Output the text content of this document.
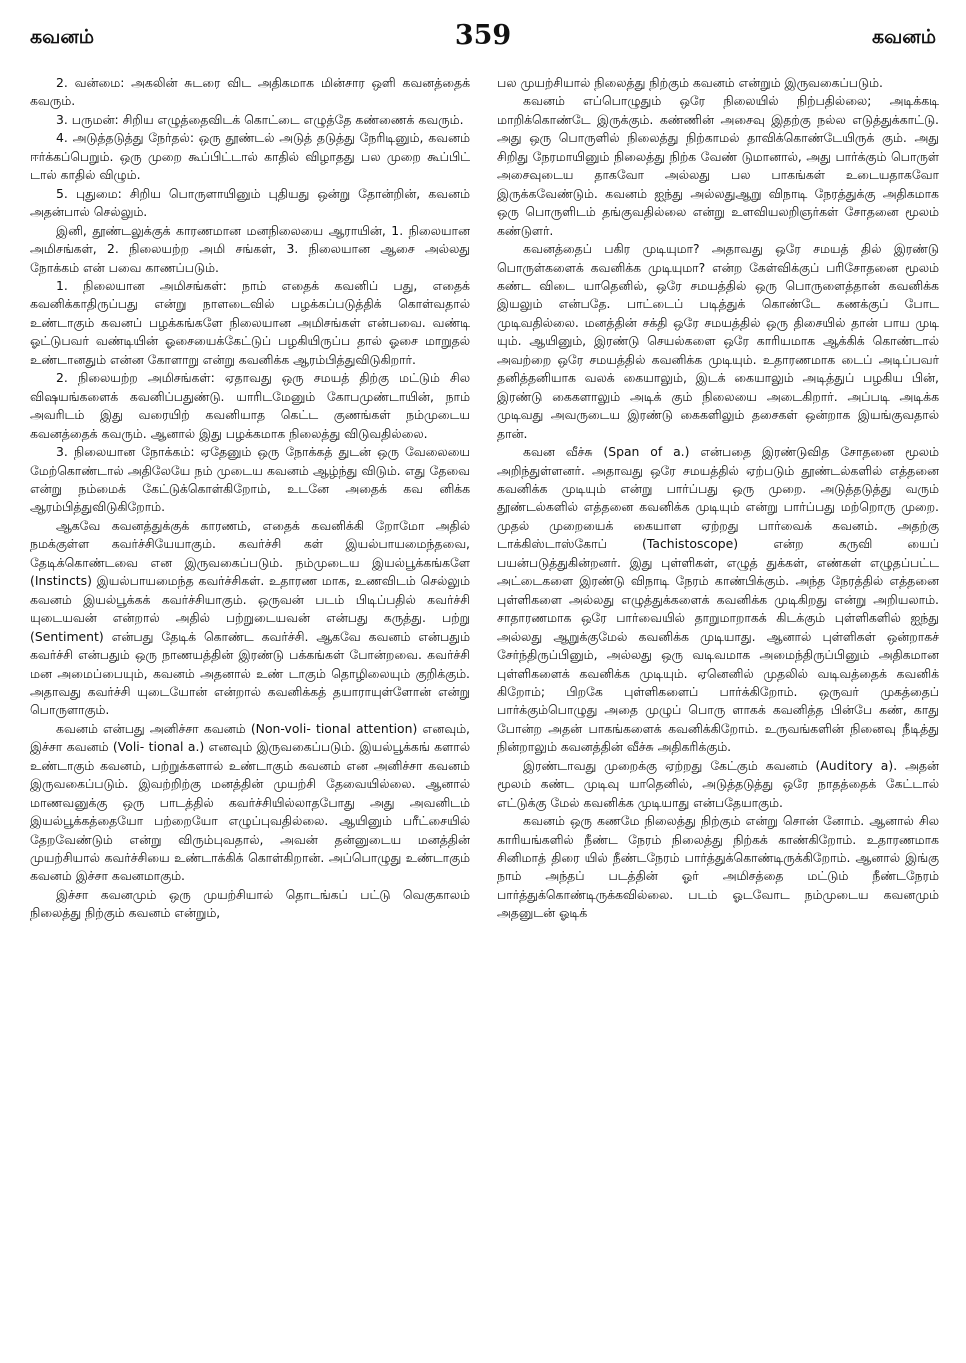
கவனம்	359	கவனம்

2. வன்மை: அகலின் சுடரை விட அதிகமாக மின்சார ஒளி கவனத்தைக் கவரும்.

3. பருமன்: சிறிய எழுத்தைவிடக் கொட்டை எழுத்தே கண்ணைக் கவரும்.

4. அடுத்தடுத்து நேர்தல்: ஒரு தூண்டல் அடுத் தடுத்து நேரிடினும், கவனம் ஈர்க்கப்பெறும். ஒரு முறை கூப்பிட்டால் காதில் விழாதது பல முறை கூப்பிட் டால் காதில் விழும்.

5. புதுமை: சிறிய பொருளாயினும் புதியது ஒன்று தோன்றின், கவனம் அதன்பால் செல்லும்.

இனி, தூண்டலுக்குக் காரணமான மனநிலையை ஆராயின், 1. நிலையான அமிசங்கள், 2. நிலையற்ற அமி சங்கள், 3. நிலையான ஆசை அல்லது நோக்கம் என் பவை காணப்படும்.

1. நிலையான அமிசங்கள்: நாம் எதைக் கவனிப் பது, எதைக் கவனிக்காதிருப்பது என்று நாளடைவில் பழக்கப்படுத்திக் கொள்வதால் உண்டாகும் கவனப் பழக்கங்களே நிலையான அமிசங்கள் என்பவை. வண்டி ஓட்டுபவர் வண்டியின் ஓசையைக்கேட்டுப் பழகியிருப்ப தால் ஓசை மாறுதல் உண்டானதும் என்ன கோளாறு என்று கவனிக்க ஆரம்பித்துவிடுகிறார்.

2. நிலையற்ற அமிசங்கள்: ஏதாவது ஒரு சமயத் திற்கு மட்டும் சில விஷயங்களைக் கவனிப்பதுண்டு. யாரிடமேனும் கோபமுண்டாயின், நாம் அவரிடம் இது வரையிற் கவனியாத கெட்ட குணங்கள் நம்முடைய கவனத்தைக் கவரும். ஆனால் இது பழக்கமாக நிலைத்து விடுவதில்லை.

3. நிலையான நோக்கம்: ஏதேனும் ஒரு நோக்கத் துடன் ஒரு வேலையை மேற்கொண்டால் அதிலேயே நம் முடைய கவனம் ஆழ்ந்து விடும். எது தேவை என்று நம்மைக் கேட்டுக்கொள்கிறோம், உடனே அதைக் கவ னிக்க ஆரம்பித்துவிடுகிறோம்.

ஆகவே கவனத்துக்குக் காரணம், எதைக் கவனிக்கி றோமோ அதில் நமக்குள்ள கவர்ச்சியேயாகும். கவர்ச்சி கள் இயல்பாயமைந்தவை, தேடிக்கொண்டவை என இருவகைப்படும். நம்முடைய இயல்பூக்கங்களே (Instincts) இயல்பாயமைந்த கவர்ச்சிகள். உதாரண மாக, உணவிடம் செல்லும் கவனம் இயல்பூக்கக் கவர்ச்சியாகும். ஒருவன் படம் பிடிப்பதில் கவர்ச்சி யுடையவன் என்றால் அதில் பற்றுடையவன் என்பது கருத்து. பற்று (Sentiment) என்பது தேடிக் கொண்ட கவர்ச்சி. ஆகவே கவனம் என்பதும் கவர்ச்சி என்பதும் ஒரு நாணயத்தின் இரண்டு பக்கங்கள் போன்றவை. கவர்ச்சி மன அமைப்பையும், கவனம் அதனால் உண் டாகும் தொழிலையும் குறிக்கும். அதாவது கவர்ச்சி யுடையோன் என்றால் கவனிக்கத் தயாராயுள்ளோன் என்று பொருளாகும்.

கவனம் என்பது அனிச்சா கவனம் (Non-voli- tional attention) எனவும், இச்சா கவனம் (Voli- tional a.) எனவும் இருவகைப்படும். இயல்பூக்கங் களால் உண்டாகும் கவனம், பற்றுக்களால் உண்டாகும் கவனம் என அனிச்சா கவனம் இருவகைப்படும். இவற்றிற்கு மனத்தின் முயற்சி தேவையில்லை. ஆனால் மாணவனுக்கு ஒரு பாடத்தில் கவர்ச்சியில்லாதபோது அது அவனிடம் இயல்பூக்கத்தையோ பற்றையோ எழுப்புவதில்லை. ஆயினும் பரீட்சையில் தேறவேண்டும் என்று விரும்புவதால், அவன் தன்னுடைய மனத்தின் முயற்சியால் கவர்ச்சியை உண்டாக்கிக் கொள்கிறான். அப்பொழுது உண்டாகும் கவனம் இச்சா கவனமாகும்.

இச்சா கவனமும் ஒரு முயற்சியால் தொடங்கப் பட்டு வெகுகாலம் நிலைத்து நிற்கும் கவனம் என்றும்,

பல முயற்சியால் நிலைத்து நிற்கும் கவனம் என்றும் இருவகைப்படும்.

கவனம் எப்பொழுதும் ஒரே நிலையில் நிற்பதில்லை; அடிக்கடி மாறிக்கொண்டே இருக்கும். கண்ணின் அசைவு இதற்கு நல்ல எடுத்துக்காட்டு. அது ஒரு பொருளில் நிலைத்து நிற்காமல் தாவிக்கொண்டேயிருக் கும். அது சிறிது நேரமாயினும் நிலைத்து நிற்க வேண் டுமானால், அது பார்க்கும் பொருள் அசைவுடைய தாகவோ அல்லது பல பாகங்கள் உடையதாகவோ இருக்கவேண்டும். கவனம் ஐந்து அல்லதுஆறு விநாடி நேரத்துக்கு அதிகமாக ஒரு பொருளிடம் தங்குவதில்லை என்று உளவியலறிஞர்கள் சோதனை மூலம் கண்டுளர்.

கவனத்தைப் பகிர முடியுமா? அதாவது ஒரே சமயத் தில் இரண்டு பொருள்களைக் கவனிக்க முடியுமா? என்ற கேள்விக்குப் பரிசோதனை மூலம் கண்ட விடை யாதெனில், ஒரே சமயத்தில் ஒரு பொருளைத்தான் கவனிக்க இயலும் என்பதே. பாட்டைப் படித்துக் கொண்டே கணக்குப் போட முடிவதில்லை. மனத்தின் சக்தி ஒரே சமயத்தில் ஒரு திசையில் தான் பாய முடி யும். ஆயினும், இரண்டு செயல்களை ஒரே காரியமாக ஆக்கிக் கொண்டால் அவற்றை ஒரே சமயத்தில் கவனிக்க முடியும். உதாரணமாக டைப் அடிப்பவர் தனித்தனியாக வலக் கையாலும், இடக் கையாலும் அடித்துப் பழகிய பின், இரண்டு கைகளாலும் அடிக் கும் நிலையை அடைகிறார். அப்படி அடிக்க முடிவது அவருடைய இரண்டு கைகளிலும் தசைகள் ஒன்றாக இயங்குவதால் தான்.

கவன வீச்சு (Span of a.) என்பதை இரண்டுவித சோதனை மூலம் அறிந்துள்ளனர். அதாவது ஒரே சமயத்தில் ஏற்படும் தூண்டல்களில் எத்தனை கவனிக்க முடியும் என்று பார்ப்பது ஒரு முறை. அடுத்தடுத்து வரும் தூண்டல்களில் எத்தனை கவனிக்க முடியும் என்று பார்ப்பது மற்றொரு முறை. முதல் முறையைக் கையாள ஏற்றது பார்வைக் கவனம். அதற்கு டாக்கிஸ்டாஸ்கோப் (Tachistoscope) என்ற கருவி யைப் பயன்படுத்துகின்றனர். இது புள்ளிகள், எழுத் துக்கள், எண்கள் எழுதப்பட்ட அட்டைகளை இரண்டு விநாடி நேரம் காண்பிக்கும். அந்த நேரத்தில் எத்தனை புள்ளிகளை அல்லது எழுத்துக்களைக் கவனிக்க முடிகிறது என்று அறியலாம். சாதாரணமாக ஒரே பார்வையில் தாறுமாறாகக் கிடக்கும் புள்ளிகளில் ஐந்து அல்லது ஆறுக்குமேல் கவனிக்க முடியாது. ஆனால் புள்ளிகள் ஒன்றாகச் சேர்ந்திருப்பினும், அல்லது ஒரு வடிவமாக அமைந்திருப்பினும் அதிகமான புள்ளிகளைக் கவனிக்க முடியும். ஏனெனில் முதலில் வடிவத்தைக் கவனிக் கிறோம்; பிறகே புள்ளிகளைப் பார்க்கிறோம். ஒருவர் முகத்தைப் பார்க்கும்பொழுது அதை முழுப் பொரு ளாகக் கவனித்த பின்பே கண், காது போன்ற அதன் பாகங்களைக் கவனிக்கிறோம். உருவங்களின் நினைவு நீடித்து நின்றாலும் கவனத்தின் வீச்சு அதிகரிக்கும்.

இரண்டாவது முறைக்கு ஏற்றது கேட்கும் கவனம் (Auditory a). அதன் மூலம் கண்ட முடிவு யாதெனில், அடுத்தடுத்து ஒரே நாதத்தைக் கேட்டால் எட்டுக்கு மேல் கவனிக்க முடியாது என்பதேயாகும்.

கவனம் ஒரு கணமே நிலைத்து நிற்கும் என்று சொன் னோம். ஆனால் சில காரியங்களில் நீண்ட நேரம் நிலைத்து நிற்கக் காண்கிறோம். உதாரணமாக சினிமாத் திரை யில் நீண்டநேரம் பார்த்துக்கொண்டிருக்கிறோம். ஆனால் இங்கு நாம் அந்தப் படத்தின் ஓர் அமிசத்தை மட்டும் நீண்டநேரம் பார்த்துக்கொண்டிருக்கவில்லை. படம் ஓடவோட நம்முடைய கவனமும் அதனுடன் ஓடிக்
